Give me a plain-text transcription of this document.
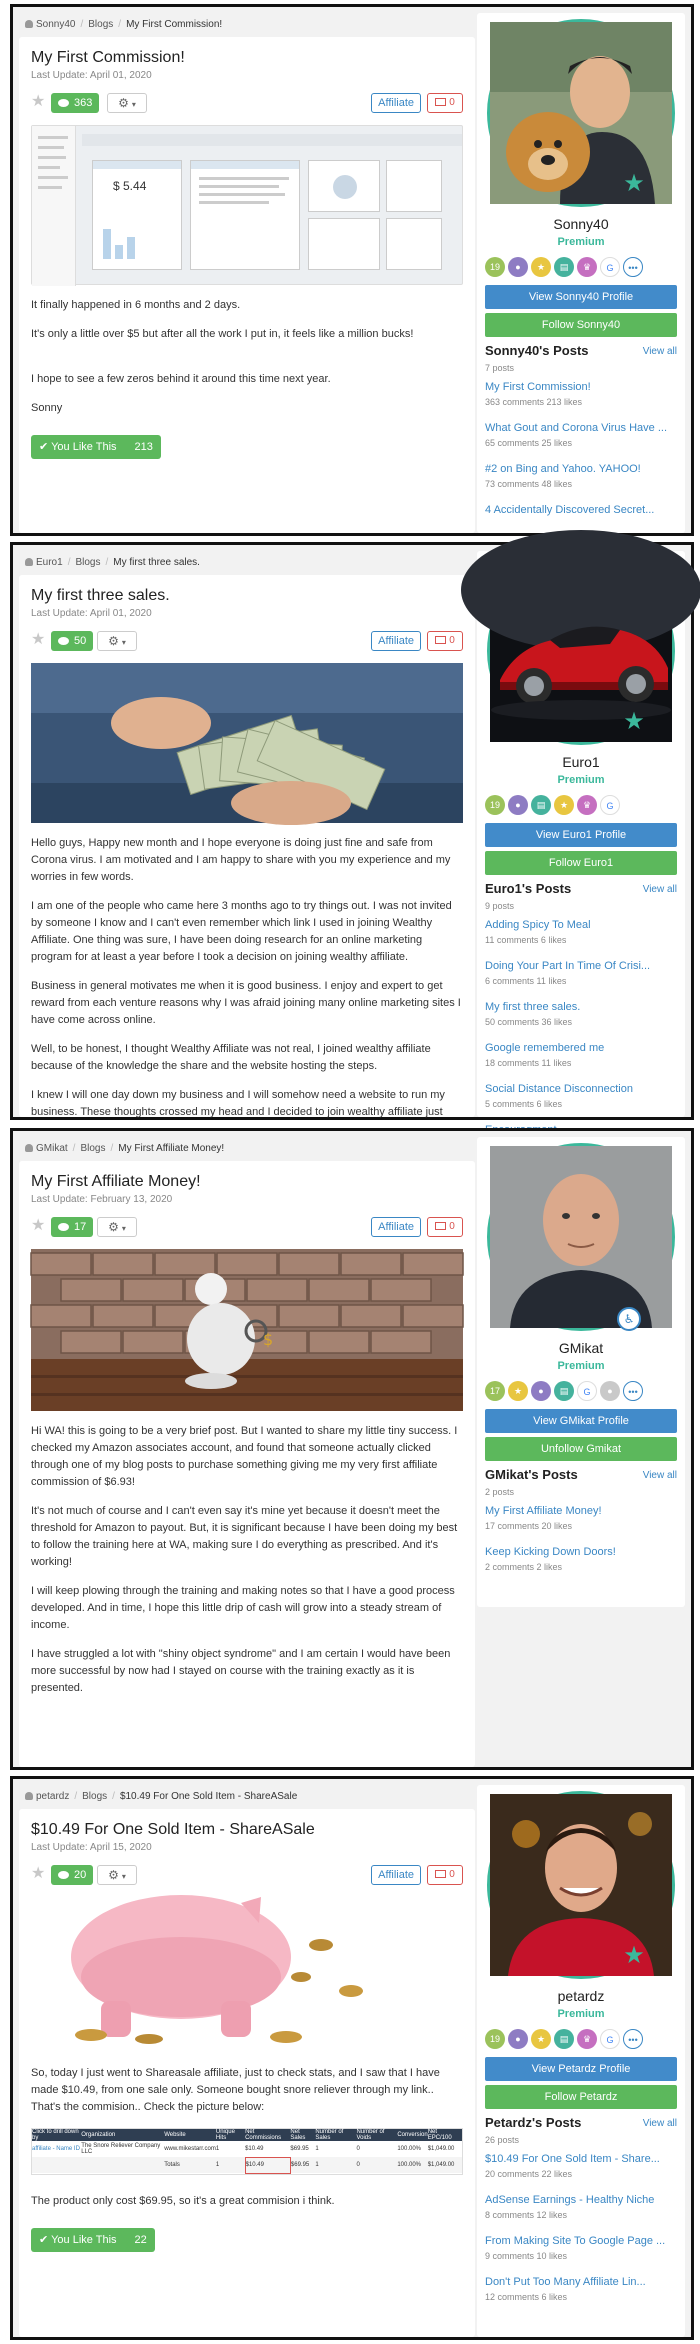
Sonny40 / Blogs / My First Commission!
My First Commission!
Last Update: April 01, 2020
★	363	⚙ ▾	Affiliate	0
$ 5.44

It finally happened in 6 months and 2 days.

It's only a little over $5 but after all the work I put in, it feels like a million bucks!

I hope to see a few zeros behind it around this time next year.

Sonny

✔ You Like This 213
★
Sonny40
Premium
19 ● ★ ▤ ♛ G •••
View Sonny40 Profile
Follow Sonny40
Sonny40's Posts	View all
7 posts
My First Commission!
363 comments 213 likes
What Gout and Corona Virus Have ...
65 comments 25 likes
#2 on Bing and Yahoo. YAHOO!
73 comments 48 likes
4 Accidentally Discovered Secret...
Euro1 / Blogs / My first three sales.
My first three sales.
Last Update: April 01, 2020
★	50	⚙ ▾	Affiliate	0

Hello guys, Happy new month and I hope everyone is doing just fine and safe from Corona virus. I am motivated and I am happy to share with you my experience and my worries in few words.

I am one of the people who came here 3 months ago to try things out. I was not invited by someone I know and I can't even remember which link I used in joining Wealthy Affiliate. One thing was sure, I have been doing research for an online marketing program for at least a year before I took a decision on joining wealthy affiliate.

Business in general motivates me when it is good business. I enjoy and expert to get reward from each venture reasons why I was afraid joining many online marketing sites I have come across online.

Well, to be honest, I thought Wealthy Affiliate was not real, I joined wealthy affiliate because of the knowledge the share and the website hosting the steps.

I knew I will one day down my business and I will somehow need a website to run my business. These thoughts crossed my head and I decided to join wealthy affiliate just

★
Euro1
Premium
19 ● ▤ ★ ♛ G
View Euro1 Profile
Follow Euro1
Euro1's Posts	View all
9 posts
Adding Spicy To Meal
11 comments 6 likes
Doing Your Part In Time Of Crisi...
6 comments 11 likes
My first three sales.
50 comments 36 likes
Google remembered me
18 comments 11 likes
Social Distance Disconnection
5 comments 6 likes
GMikat / Blogs / My First Affiliate Money!
My First Affiliate Money!
Last Update: February 13, 2020
★	17	⚙ ▾	Affiliate	0
$

Hi WA! this is going to be a very brief post. But I wanted to share my little tiny success. I checked my Amazon associates account, and found that someone actually clicked through one of my blog posts to purchase something giving me my very first affiliate commission of $6.93!

It's not much of course and I can't even say it's mine yet because it doesn't meet the threshold for Amazon to payout. But, it is significant because I have been doing my best to follow the training here at WA, making sure I do everything as prescribed. And it's working!

I will keep plowing through the training and making notes so that I have a good process developed. And in time, I hope this little drip of cash will grow into a steady stream of income.

I have struggled a lot with "shiny object syndrome" and I am certain I would have been more successful by now had I stayed on course with the training exactly as it is presented.

♿
GMikat
Premium
17 ★ ● ▤ G ● •••
View GMikat Profile
Unfollow Gmikat
GMikat's Posts	View all
2 posts
My First Affiliate Money!
17 comments 20 likes
Keep Kicking Down Doors!
2 comments 2 likes
petardz / Blogs / $10.49 For One Sold Item - ShareASale
$10.49 For One Sold Item - ShareASale
Last Update: April 15, 2020
★	20	⚙ ▾	Affiliate	0

So, today I just went to Shareasale affiliate, just to check stats, and I saw that I have made $10.49, from one sale only. Someone bought snore reliever through my link.. That's the commision.. Check the picture below:

Click to drill down by	Organization	Website	Unique Hits	Net Commissions	Net Sales	Number of Sales	Number of Voids	Conversion	Net EPC/100
affiliate - Name ID	The Snore Reliever Company LLC	www.mikestarr.com	1	$10.49	$69.95	1	0	100.00%	$1,049.00
		Totals	1	$10.49	$69.95	1	0	100.00%	$1,049.00

The product only cost $69.95, so it's a great commision i think.

✔ You Like This 22
★
petardz
Premium
19 ● ★ ▤ ♛ G •••
View Petardz Profile
Follow Petardz
Petardz's Posts	View all
26 posts
$10.49 For One Sold Item - Share...
20 comments 22 likes
AdSense Earnings - Healthy Niche
8 comments 12 likes
From Making Site To Google Page ...
9 comments 10 likes
Don't Put Too Many Affiliate Lin...
12 comments 6 likes
